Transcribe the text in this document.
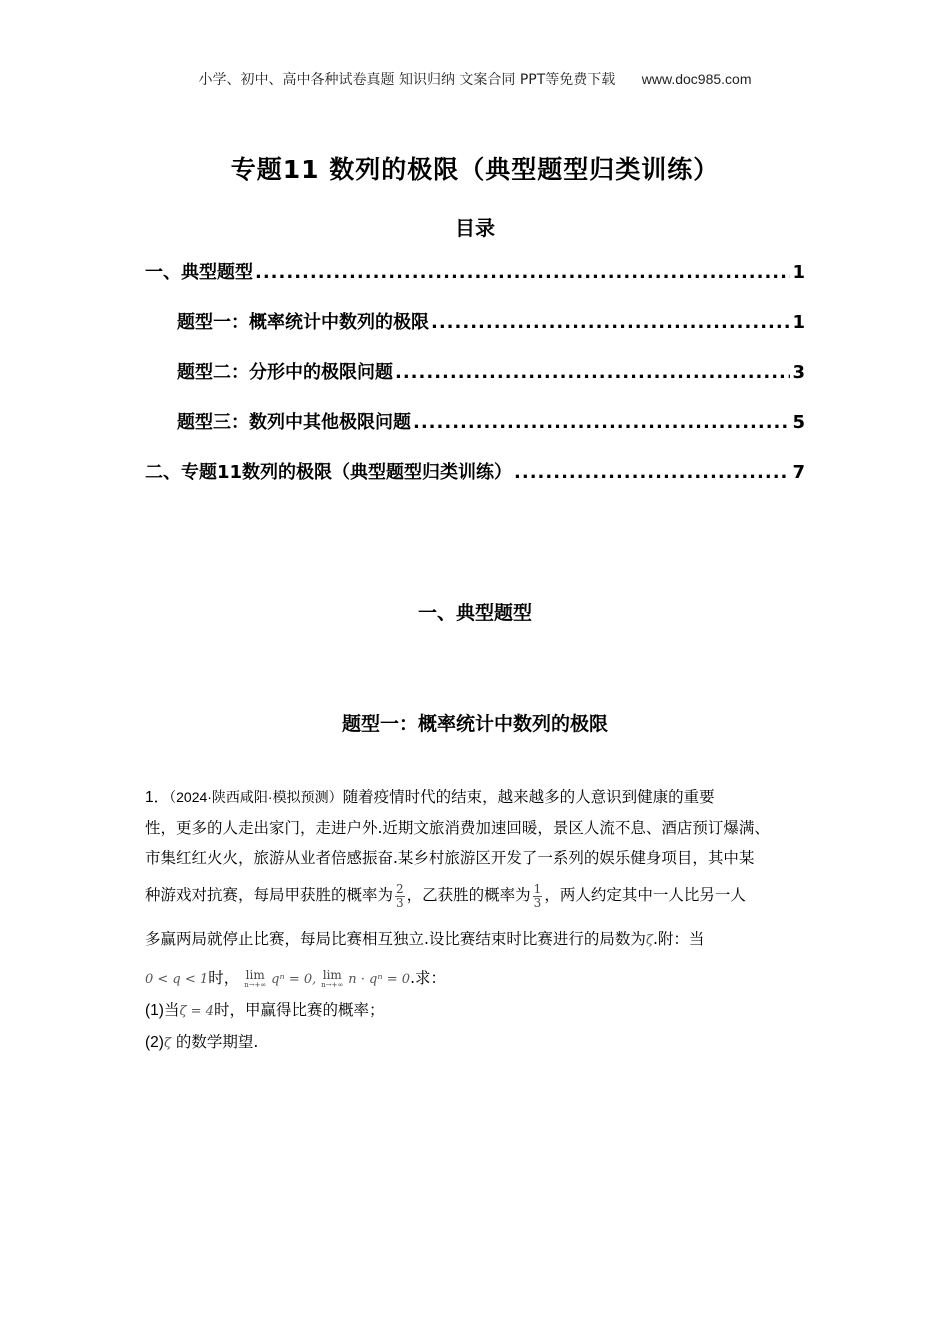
小学、初中、高中各种试卷真题 知识归纳 文案合同 PPT等免费下载 www.doc985.com
专题11 数列的极限（典型题型归类训练）
目录
一、典型题型 .....	1
题型一：概率统计中数列的极限 .....	1
题型二：分形中的极限问题 .....	3
题型三：数列中其他极限问题 .....	5
二、专题11数列的极限（典型题型归类训练） .....	7
一、典型题型
题型一：概率统计中数列的极限

1．（2024·陕西咸阳·模拟预测）随着疫情时代的结束，越来越多的人意识到健康的重要
性，更多的人走出家门，走进户外.近期文旅消费加速回暖，景区人流不息、酒店预订爆满、
市集红红火火，旅游从业者倍感振奋.某乡村旅游区开发了一系列的娱乐健身项目，其中某
种游戏对抗赛，每局甲获胜的概率为 $\frac{2}{3}$ ，乙获胜的概率为 $\frac{1}{3}$ ，两人约定其中一人比另一人
多赢两局就停止比赛，每局比赛相互独立.设比赛结束时比赛进行的局数为ζ.附：当
0 < q < 1时， lim
n→+∞ qⁿ = 0, lim
n→+∞ n · qⁿ = 0.求：

(1)当ζ = 4时，甲赢得比赛的概率；

(2)ζ 的数学期望.
